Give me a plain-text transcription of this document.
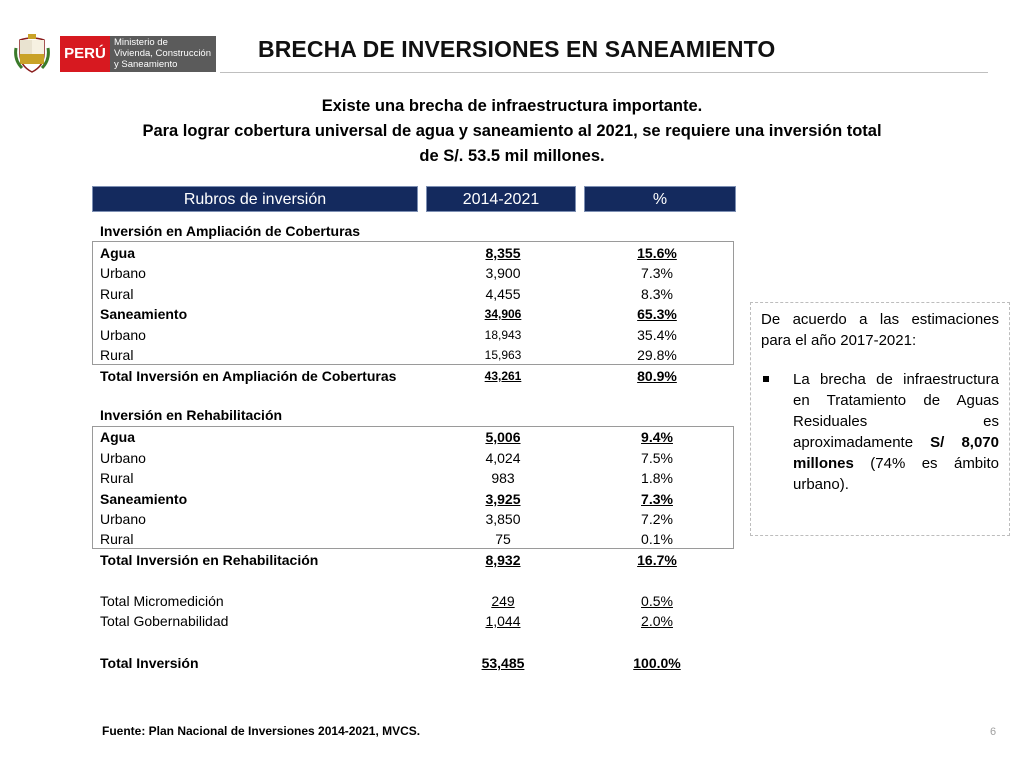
PERÚ
Ministerio de
Vivienda, Construcción
y Saneamiento
BRECHA DE INVERSIONES EN SANEAMIENTO
Existe una brecha de infraestructura importante.
Para lograr cobertura universal de agua y saneamiento al 2021, se requiere una inversión total
de S/. 53.5 mil millones.
Rubros de inversión	2014-2021	%
Inversión en Ampliación de Coberturas
Agua	8,355	15.6%
Urbano	3,900	7.3%
Rural	4,455	8.3%
Saneamiento	34,906	65.3%
Urbano	18,943	35.4%
Rural	15,963	29.8%
Total Inversión en Ampliación de Coberturas	43,261	80.9%
Inversión en Rehabilitación
Agua	5,006	9.4%
Urbano	4,024	7.5%
Rural	983	1.8%
Saneamiento	3,925	7.3%
Urbano	3,850	7.2%
Rural	75	0.1%
Total Inversión en Rehabilitación	8,932	16.7%
Total Micromedición	249	0.5%
Total Gobernabilidad	1,044	2.0%
Total Inversión	53,485	100.0%

De acuerdo a las estimaciones para el año 2017-2021:

La brecha de infraestructura en Tratamiento de Aguas Residuales es aproximadamente S/ 8,070 millones (74% es ámbito urbano).
Fuente: Plan Nacional de Inversiones 2014-2021, MVCS.	6
